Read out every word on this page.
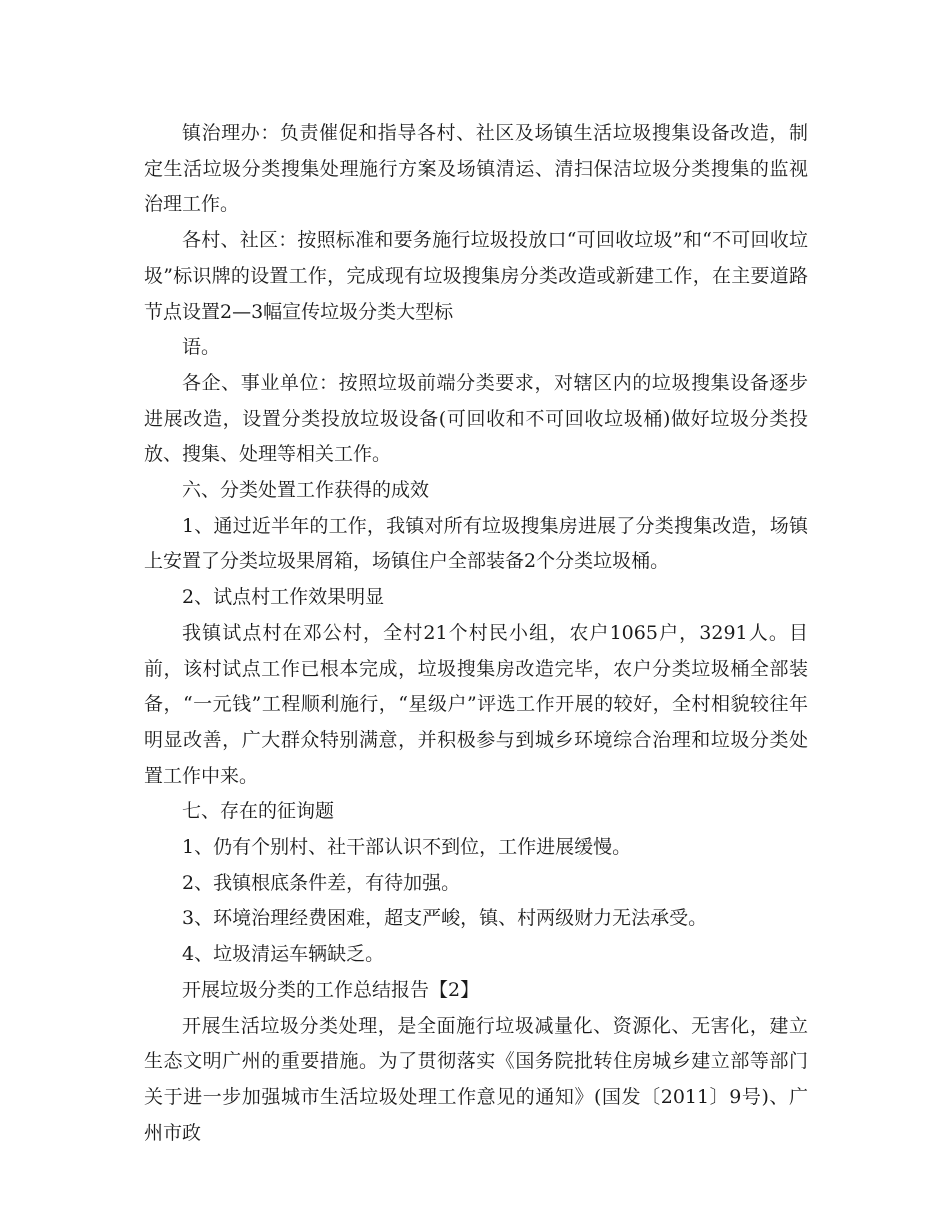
镇治理办：负责催促和指导各村、社区及场镇生活垃圾搜集设备改造，制定生活垃圾分类搜集处理施行方案及场镇清运、清扫保洁垃圾分类搜集的监视治理工作。

各村、社区：按照标准和要务施行垃圾投放口“可回收垃圾”和“不可回收垃圾”标识牌的设置工作，完成现有垃圾搜集房分类改造或新建工作，在主要道路节点设置2—3幅宣传垃圾分类大型标

语。

各企、事业单位：按照垃圾前端分类要求，对辖区内的垃圾搜集设备逐步进展改造，设置分类投放垃圾设备(可回收和不可回收垃圾桶)做好垃圾分类投放、搜集、处理等相关工作。

六、分类处置工作获得的成效

1、通过近半年的工作，我镇对所有垃圾搜集房进展了分类搜集改造，场镇上安置了分类垃圾果屑箱，场镇住户全部装备2个分类垃圾桶。

2、试点村工作效果明显

我镇试点村在邓公村，全村21个村民小组，农户1065户，3291人。目前，该村试点工作已根本完成，垃圾搜集房改造完毕，农户分类垃圾桶全部装备，“一元钱”工程顺利施行，“星级户”评选工作开展的较好，全村相貌较往年明显改善，广大群众特别满意，并积极参与到城乡环境综合治理和垃圾分类处置工作中来。

七、存在的征询题

1、仍有个别村、社干部认识不到位，工作进展缓慢。

2、我镇根底条件差，有待加强。

3、环境治理经费困难，超支严峻，镇、村两级财力无法承受。

4、垃圾清运车辆缺乏。

开展垃圾分类的工作总结报告【2】

开展生活垃圾分类处理，是全面施行垃圾减量化、资源化、无害化，建立生态文明广州的重要措施。为了贯彻落实《国务院批转住房城乡建立部等部门关于进一步加强城市生活垃圾处理工作意见的通知》(国发〔2011〕9号)、广州市政
